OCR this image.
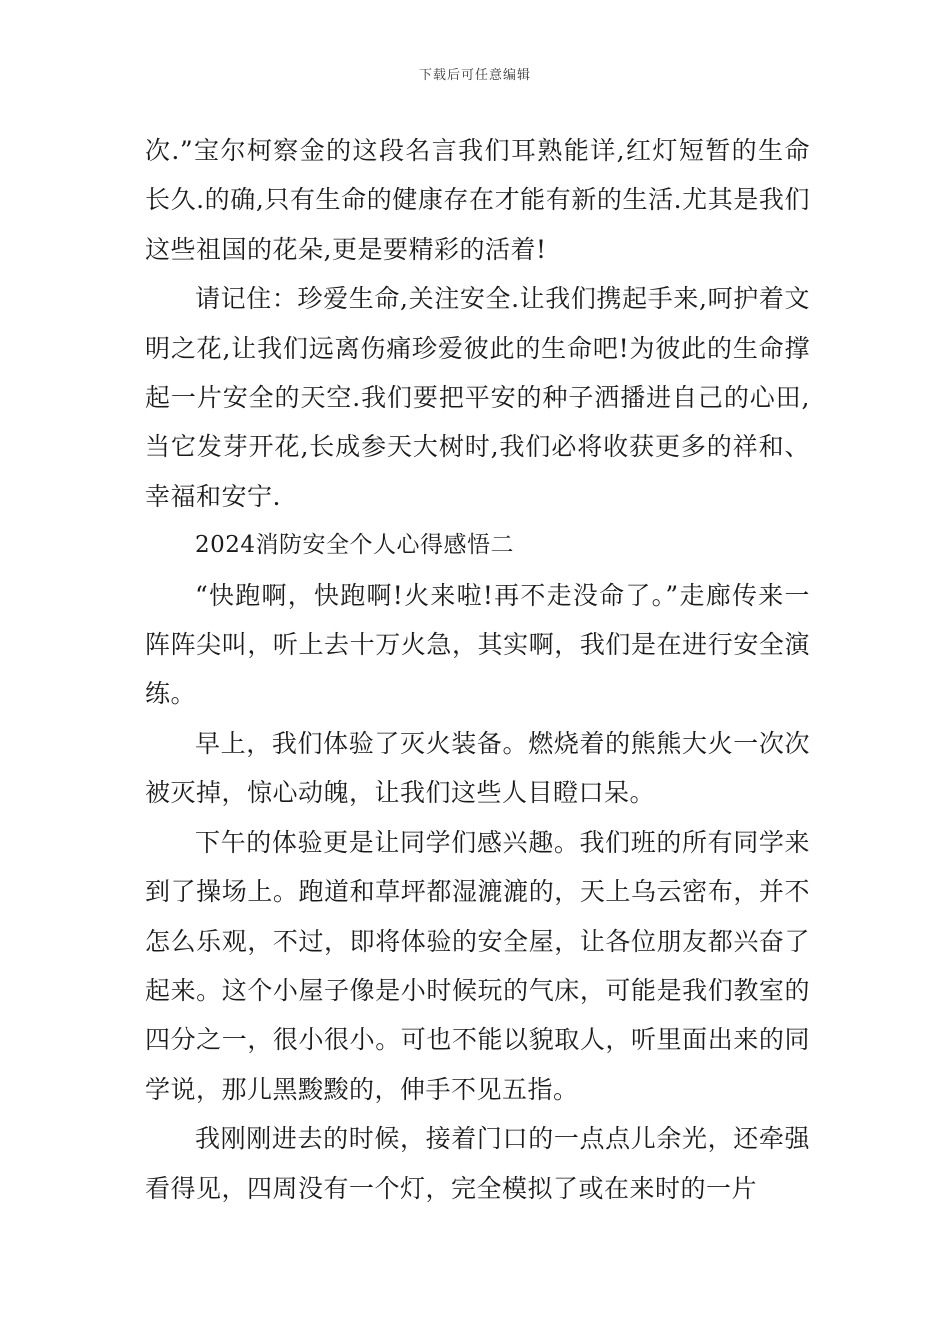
下载后可任意编辑

次.”宝尔柯察金的这段名言我们耳熟能详,红灯短暂的生命长久.的确,只有生命的健康存在才能有新的生活.尤其是我们这些祖国的花朵,更是要精彩的活着!

请记住：珍爱生命,关注安全.让我们携起手来,呵护着文明之花,让我们远离伤痛珍爱彼此的生命吧!为彼此的生命撑起一片安全的天空.我们要把平安的种子洒播进自己的心田,当它发芽开花,长成参天大树时,我们必将收获更多的祥和、幸福和安宁.

2024消防安全个人心得感悟二

“快跑啊，快跑啊!火来啦!再不走没命了。”走廊传来一阵阵尖叫，听上去十万火急，其实啊，我们是在进行安全演练。

早上，我们体验了灭火装备。燃烧着的熊熊大火一次次被灭掉，惊心动魄，让我们这些人目瞪口呆。

下午的体验更是让同学们感兴趣。我们班的所有同学来到了操场上。跑道和草坪都湿漉漉的，天上乌云密布，并不怎么乐观，不过，即将体验的安全屋，让各位朋友都兴奋了起来。这个小屋子像是小时候玩的气床，可能是我们教室的四分之一，很小很小。可也不能以貌取人，听里面出来的同学说，那儿黑黢黢的，伸手不见五指。

我刚刚进去的时候，接着门口的一点点儿余光，还牵强看得见，四周没有一个灯，完全模拟了或在来时的一片
